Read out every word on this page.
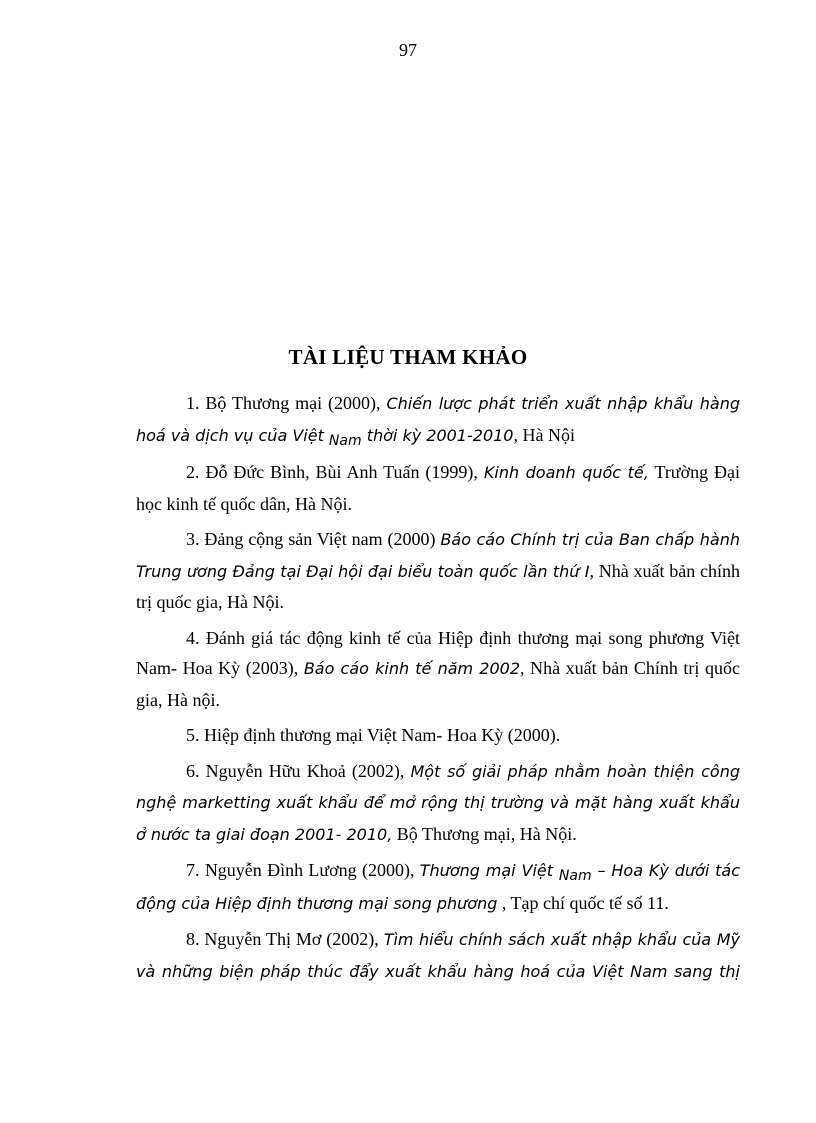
97
TÀI LIỆU THAM KHẢO

1. Bộ Thương mại (2000), Chiến lược phát triển xuất nhập khẩu hàng hoá và dịch vụ của Việt $_{Nam}$ thời kỳ 2001-2010, Hà Nội

2. Đỗ Đức Bình, Bùi Anh Tuấn (1999), Kinh doanh quốc tế, Trường Đại học kinh tế quốc dân, Hà Nội.

3. Đảng cộng sản Việt nam (2000) Báo cáo Chính trị của Ban chấp hành Trung ương Đảng tại Đại hội đại biểu toàn quốc lần thứ I, Nhà xuất bản chính trị quốc gia, Hà Nội.

4. Đánh giá tác động kinh tế của Hiệp định thương mại song phương Việt Nam- Hoa Kỳ (2003), Báo cáo kinh tế năm 2002, Nhà xuất bản Chính trị quốc gia, Hà nội.

5. Hiệp định thương mại Việt Nam- Hoa Kỳ (2000).

6. Nguyễn Hữu Khoả (2002), Một số giải pháp nhằm hoàn thiện công nghệ marketting xuất khẩu để mở rộng thị trường và mặt hàng xuất khẩu ở nước ta giai đoạn 2001- 2010, Bộ Thương mại, Hà Nội.

7. Nguyễn Đình Lương (2000), Thương mại Việt $_{Nam}$ – Hoa Kỳ dưới tác động của Hiệp định thương mại song phương , Tạp chí quốc tế số 11.

8. Nguyễn Thị Mơ (2002), Tìm hiểu chính sách xuất nhập khẩu của Mỹ và những biện pháp thúc đẩy xuất khẩu hàng hoá của Việt Nam sang thị
